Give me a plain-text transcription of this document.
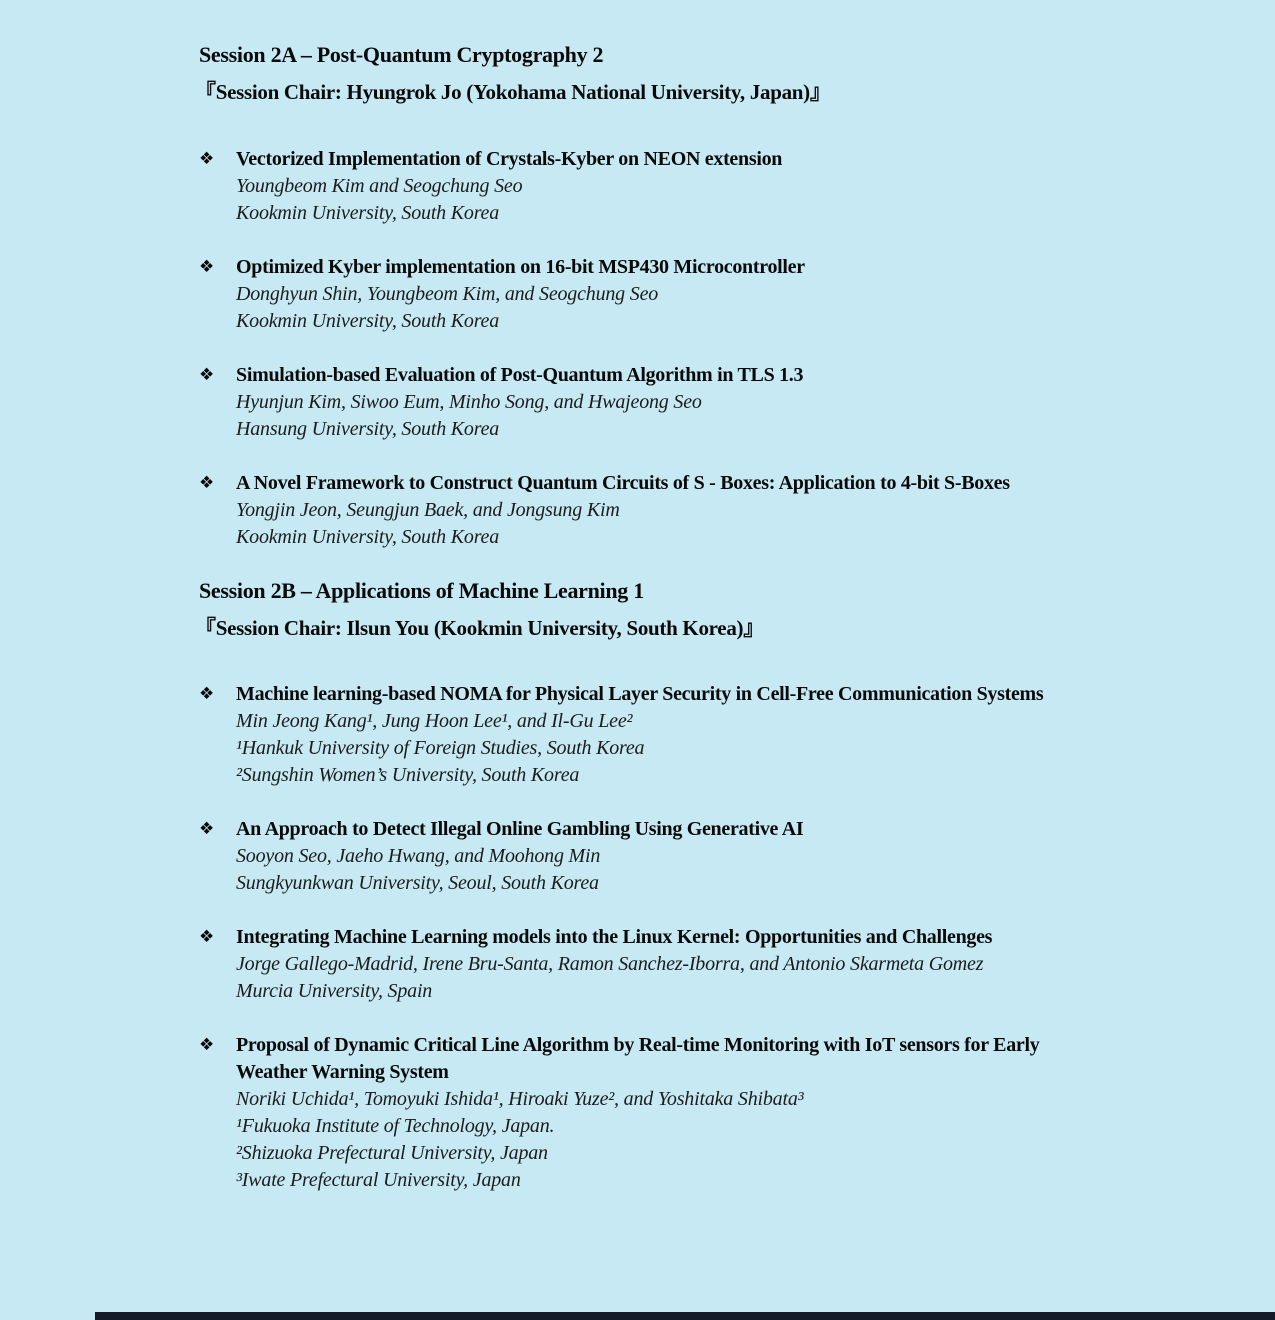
Session 2A – Post-Quantum Cryptography 2
『Session Chair: Hyungrok Jo (Yokohama National University, Japan)』
❖	Vectorized Implementation of Crystals-Kyber on NEON extension
Youngbeom Kim and Seogchung Seo
Kookmin University, South Korea
❖	Optimized Kyber implementation on 16-bit MSP430 Microcontroller
Donghyun Shin, Youngbeom Kim, and Seogchung Seo
Kookmin University, South Korea
❖	Simulation-based Evaluation of Post-Quantum Algorithm in TLS 1.3
Hyunjun Kim, Siwoo Eum, Minho Song, and Hwajeong Seo
Hansung University, South Korea
❖	A Novel Framework to Construct Quantum Circuits of S - Boxes: Application to 4-bit S-Boxes
Yongjin Jeon, Seungjun Baek, and Jongsung Kim
Kookmin University, South Korea
Session 2B – Applications of Machine Learning 1
『Session Chair: Ilsun You (Kookmin University, South Korea)』
❖	Machine learning-based NOMA for Physical Layer Security in Cell-Free Communication Systems
Min Jeong Kang¹, Jung Hoon Lee¹, and Il-Gu Lee²
¹Hankuk University of Foreign Studies, South Korea
²Sungshin Women’s University, South Korea
❖	An Approach to Detect Illegal Online Gambling Using Generative AI
Sooyon Seo, Jaeho Hwang, and Moohong Min
Sungkyunkwan University, Seoul, South Korea
❖	Integrating Machine Learning models into the Linux Kernel: Opportunities and Challenges
Jorge Gallego-Madrid, Irene Bru-Santa, Ramon Sanchez-Iborra, and Antonio Skarmeta Gomez
Murcia University, Spain
❖	Proposal of Dynamic Critical Line Algorithm by Real-time Monitoring with IoT sensors for Early Weather Warning System
Noriki Uchida¹, Tomoyuki Ishida¹, Hiroaki Yuze², and Yoshitaka Shibata³
¹Fukuoka Institute of Technology, Japan.
²Shizuoka Prefectural University, Japan
³Iwate Prefectural University, Japan
